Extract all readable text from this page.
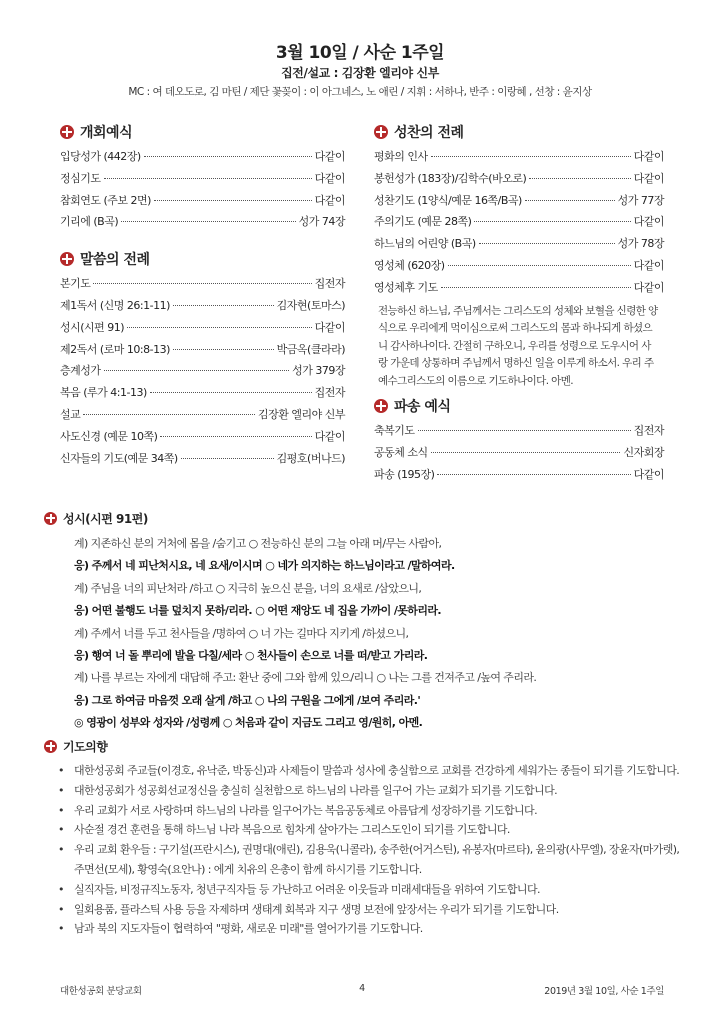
3월 10일 / 사순 1주일
집전/설교 : 김장환 엘리야 신부
MC : 여 데오도로, 김 마틴 / 제단 꽃꽂이 : 이 아그네스, 노 애린 / 지휘 : 서하나, 반주 : 이랑혜 , 선창 : 윤지상
개회예식
입당성가 (442장)	다같이
정심기도	다같이
참회연도 (주보 2면)	다같이
기리에 (B곡)	성가 74장
말씀의 전례
본기도	집전자
제1독서 (신명 26:1-11)	김자현(토마스)
성시(시편 91)	다같이
제2독서 (로마 10:8-13)	박금옥(클라라)
층계성가	성가 379장
복음 (루가 4:1-13)	집전자
설교	김장환 엘리야 신부
사도신경 (예문 10쪽)	다같이
신자들의 기도(예문 34쪽)	김평호(버나드)
성찬의 전례
평화의 인사	다같이
봉헌성가 (183장)/김학수(바오로)	다같이
성찬기도 (1양식/예문 16쪽/B곡)	성가 77장
주의기도 (예문 28쪽)	다같이
하느님의 어린양 (B곡)	성가 78장
영성체 (620장)	다같이
영성체후 기도	다같이
전능하신 하느님, 주님께서는 그리스도의 성체와 보혈을 신령한 양식으로 우리에게 먹이심으로써 그리스도의 몸과 하나되게 하셨으니 감사하나이다. 간절히 구하오니, 우리를 성령으로 도우시어 사랑 가운데 상통하며 주님께서 명하신 일을 이루게 하소서. 우리 주 예수그리스도의 이름으로 기도하나이다. 아멘.
파송 예식
축복기도	집전자
공동체 소식	신자회장
파송 (195장)	다같이
성시(시편 91편)
계) 지존하신 분의 거처에 몸을 /숨기고 ○ 전능하신 분의 그늘 아래 머/무는 사람아,
응) 주께서 네 피난처시요, 네 요새/이시며 ○ 네가 의지하는 하느님이라고 /말하여라.
계) 주님을 너의 피난처라 /하고 ○ 지극히 높으신 분을, 너의 요새로 /삼았으니,
응) 어떤 불행도 너를 덮치지 못하/리라. ○ 어떤 재앙도 네 집을 가까이 /못하리라.
계) 주께서 너를 두고 천사들을 /명하여 ○ 너 가는 길마다 지키게 /하셨으니,
응) 행여 너 돌 뿌리에 발을 다칠/세라 ○ 천사들이 손으로 너를 떠/받고 가리라.
계) 나를 부르는 자에게 대답해 주고: 환난 중에 그와 함께 있으/리니 ○ 나는 그를 건져주고 /높여 주리라.
응) 그로 하여금 마음껏 오래 살게 /하고 ○ 나의 구원을 그에게 /보여 주리라.'
◎ 영광이 성부와 성자와 /성령께 ○ 처음과 같이 지금도 그리고 영/원히, 아멘.
기도의향
• 대한성공회 주교들(이경호, 유낙준, 박동신)과 사제들이 말씀과 성사에 충실함으로 교회를 건강하게 세워가는 종들이 되기를 기도합니다.
• 대한성공회가 성공회선교정신을 충실히 실천함으로 하느님의 나라를 일구어 가는 교회가 되기를 기도합니다.
• 우리 교회가 서로 사랑하며 하느님의 나라를 일구어가는 복음공동체로 아름답게 성장하기를 기도합니다.
• 사순절 경건 훈련을 통해 하느님 나라 복음으로 힘차게 살아가는 그리스도인이 되기를 기도합니다.
• 우리 교회 환우들 : 구기설(프란시스), 권명대(애린), 김용욱(니콜라), 송주한(어거스틴), 유봉자(마르타), 윤의광(사무엘), 장윤자(마가렛), 주면선(모세), 황영숙(요안나) : 에게 치유의 은총이 함께 하시기를 기도합니다.
• 실직자들, 비정규직노동자, 청년구직자들 등 가난하고 어려운 이웃들과 미래세대들을 위하여 기도합니다.
• 일회용품, 플라스틱 사용 등을 자제하며 생태계 회복과 지구 생명 보전에 앞장서는 우리가 되기를 기도합니다.
• 남과 북의 지도자들이 협력하여 "평화, 새로운 미래"를 열어가기를 기도합니다.
대한성공회 분당교회	4	2019년 3월 10일, 사순 1주일
